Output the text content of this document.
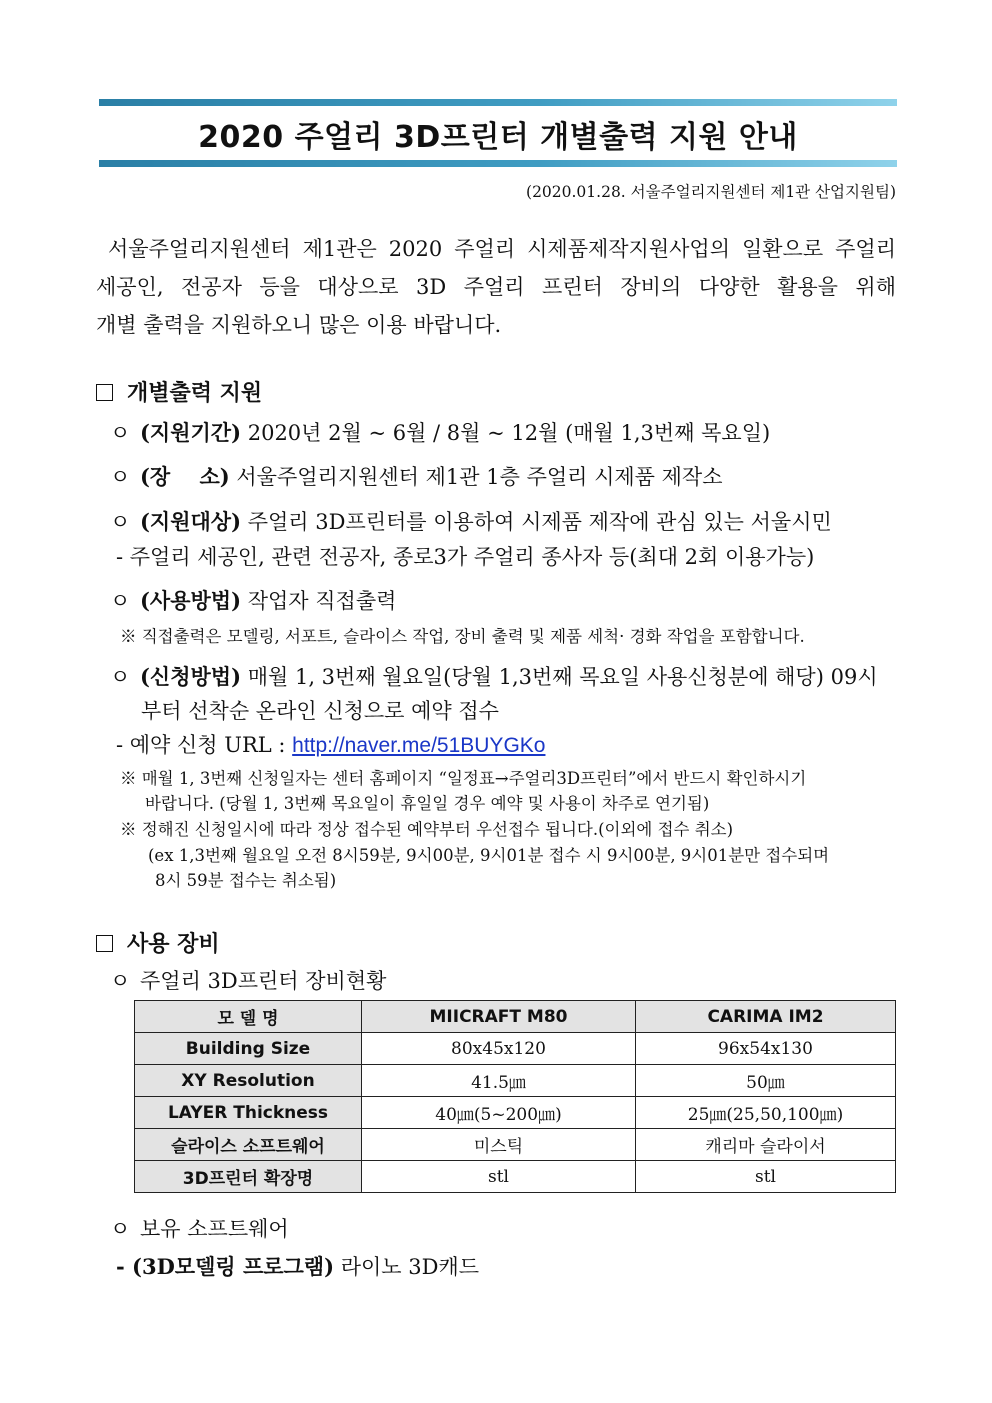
2020 주얼리 3D프린터 개별출력 지원 안내
(2020.01.28. 서울주얼리지원센터 제1관 산업지원팀)
서울주얼리지원센터 제1관은 2020 주얼리 시제품제작지원사업의 일환으로 주얼리
세공인, 전공자 등을 대상으로 3D 주얼리 프린터 장비의 다양한 활용을 위해
개별 출력을 지원하오니 많은 이용 바랍니다.
개별출력 지원
ㅇ (지원기간) 2020년 2월 ~ 6월 / 8월 ~ 12월 (매월 1,3번째 목요일)
ㅇ (장    소) 서울주얼리지원센터 제1관 1층 주얼리 시제품 제작소
ㅇ (지원대상) 주얼리 3D프린터를 이용하여 시제품 제작에 관심 있는 서울시민
- 주얼리 세공인, 관련 전공자, 종로3가 주얼리 종사자 등(최대 2회 이용가능)
ㅇ (사용방법) 작업자 직접출력
※ 직접출력은 모델링, 서포트, 슬라이스 작업, 장비 출력 및 제품 세척· 경화 작업을 포함합니다.
ㅇ (신청방법) 매월 1, 3번째 월요일(당월 1,3번째 목요일 사용신청분에 해당) 09시
부터 선착순 온라인 신청으로 예약 접수
- 예약 신청 URL : http://naver.me/51BUYGKo
※ 매월 1, 3번째 신청일자는 센터 홈페이지 “일정표→주얼리3D프린터”에서 반드시 확인하시기
바랍니다. (당월 1, 3번째 목요일이 휴일일 경우 예약 및 사용이 차주로 연기됨)
※ 정해진 신청일시에 따라 정상 접수된 예약부터 우선접수 됩니다.(이외에 접수 취소)
(ex 1,3번째 월요일 오전 8시59분, 9시00분, 9시01분 접수 시 9시00분, 9시01분만 접수되며
8시 59분 접수는 취소됨)
사용 장비
ㅇ 주얼리 3D프린터 장비현황
모 델 명	MIICRAFT M80	CARIMA IM2
Building Size	80x45x120	96x54x130
XY Resolution	41.5㎛	50㎛
LAYER Thickness	40㎛(5~200㎛)	25㎛(25,50,100㎛)
슬라이스 소프트웨어	미스틱	캐리마 슬라이서
3D프린터 확장명	stl	stl
ㅇ 보유 소프트웨어
- (3D모델링 프로그램) 라이노 3D캐드
